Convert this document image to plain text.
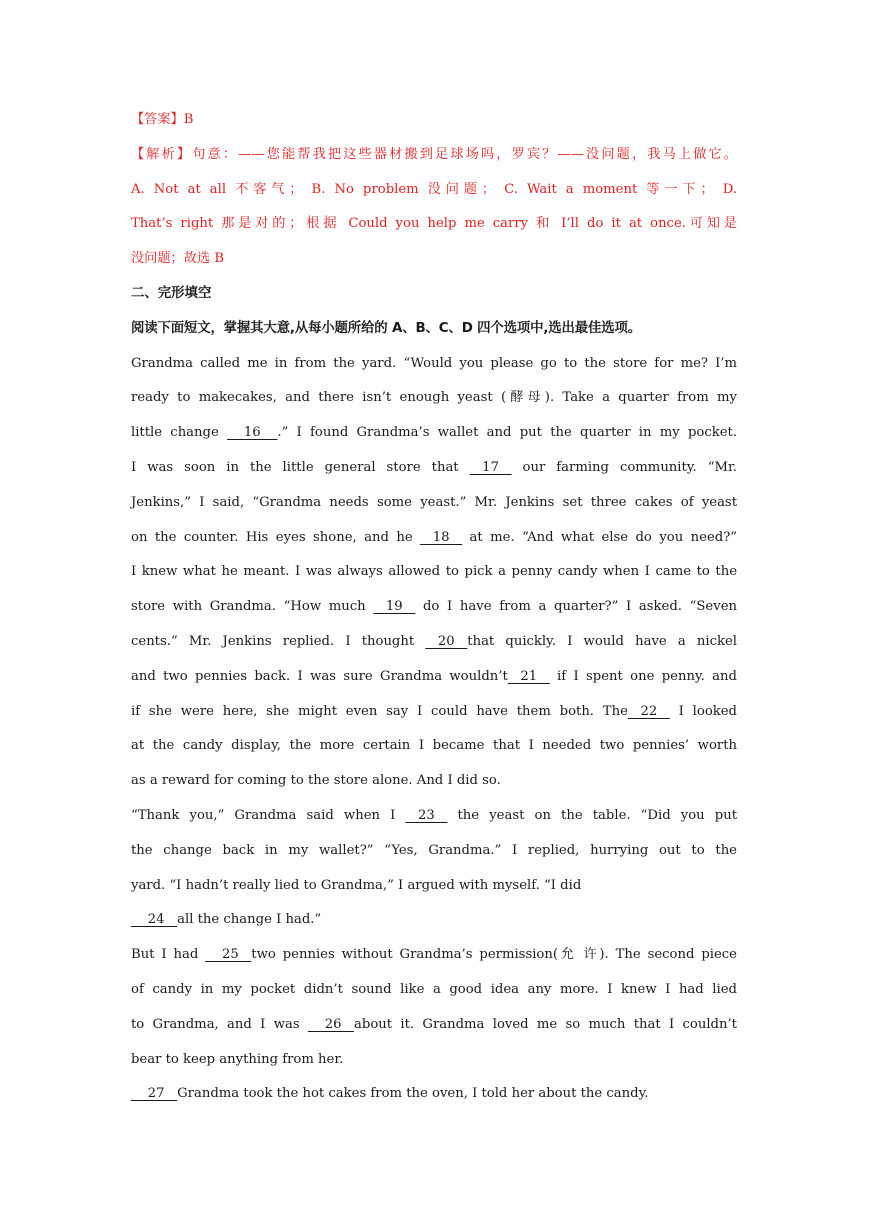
【答案】B
【解析】句意：——您能帮我把这些器材搬到足球场吗，罗宾？——没问题，我马上做它。
A. Not at all 不客气； B. No problem 没问题； C. Wait a moment 等一下； D.
That’s right 那是对的；根据 Could you help me carry 和 I’ll do it at once.可知是
没问题；故选 B
二、完形填空
阅读下面短文，掌握其大意,从每小题所给的 A、B、C、D 四个选项中,选出最佳选项。
Grandma called me in from the yard. “Would you please go to the store for me? I’m
ready to makecakes, and there isn’t enough yeast (酵母). Take a quarter from my
little change     16    .” I found Grandma’s wallet and put the quarter in my pocket.
I was soon in the little general store that    17    our farming community. “Mr.
Jenkins,” I said, “Grandma needs some yeast.” Mr. Jenkins set three cakes of yeast
on the counter. His eyes shone, and he    18    at me. “And what else do you need?”
I knew what he meant. I was always allowed to pick a penny candy when I came to the
store with Grandma. “How much    19    do I have from a quarter?” I asked. “Seven
cents.” Mr. Jenkins replied. I thought    20   that quickly. I would have a nickel
and two pennies back. I was sure Grandma wouldn’t   21    if I spent one penny. and
if she were here, she might even say I could have them both. The   22    I looked
at the candy display, the more certain I became that I needed two pennies’ worth
as a reward for coming to the store alone. And I did so.
“Thank you,” Grandma said when I    23    the yeast on the table. “Did you put
the change back in my wallet?” “Yes, Grandma.” I replied, hurrying out to the
yard. “I hadn’t really lied to Grandma,” I argued with myself. “I did
24   all the change I had.”
But I had     25   two pennies without Grandma’s permission(允 许). The second piece
of candy in my pocket didn’t sound like a good idea any more. I knew I had lied
to Grandma, and I was     26   about it. Grandma loved me so much that I couldn’t
bear to keep anything from her.
27   Grandma took the hot cakes from the oven, I told her about the candy.
